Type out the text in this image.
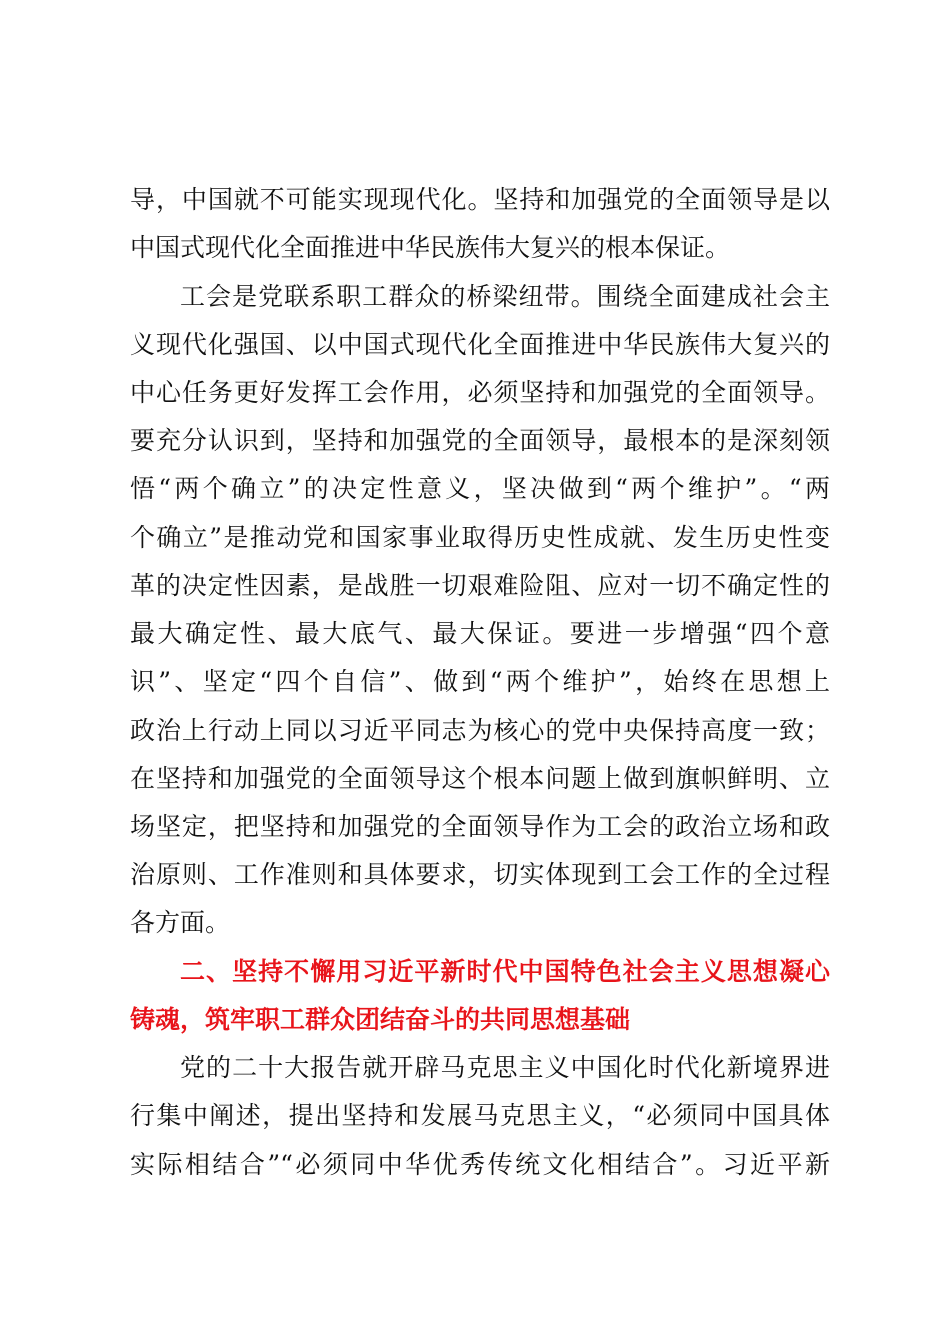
导，中国就不可能实现现代化。坚持和加强党的全面领导是以
中国式现代化全面推进中华民族伟大复兴的根本保证。
工会是党联系职工群众的桥梁纽带。围绕全面建成社会主
义现代化强国、以中国式现代化全面推进中华民族伟大复兴的
中心任务更好发挥工会作用，必须坚持和加强党的全面领导。
要充分认识到，坚持和加强党的全面领导，最根本的是深刻领
悟“两个确立”的决定性意义，坚决做到“两个维护”。“两
个确立”是推动党和国家事业取得历史性成就、发生历史性变
革的决定性因素，是战胜一切艰难险阻、应对一切不确定性的
最大确定性、最大底气、最大保证。要进一步增强“四个意
识”、坚定“四个自信”、做到“两个维护”，始终在思想上
政治上行动上同以习近平同志为核心的党中央保持高度一致；
在坚持和加强党的全面领导这个根本问题上做到旗帜鲜明、立
场坚定，把坚持和加强党的全面领导作为工会的政治立场和政
治原则、工作准则和具体要求，切实体现到工会工作的全过程
各方面。
二、坚持不懈用习近平新时代中国特色社会主义思想凝心
铸魂，筑牢职工群众团结奋斗的共同思想基础
党的二十大报告就开辟马克思主义中国化时代化新境界进
行集中阐述，提出坚持和发展马克思主义，“必须同中国具体
实际相结合”“必须同中华优秀传统文化相结合”。习近平新
